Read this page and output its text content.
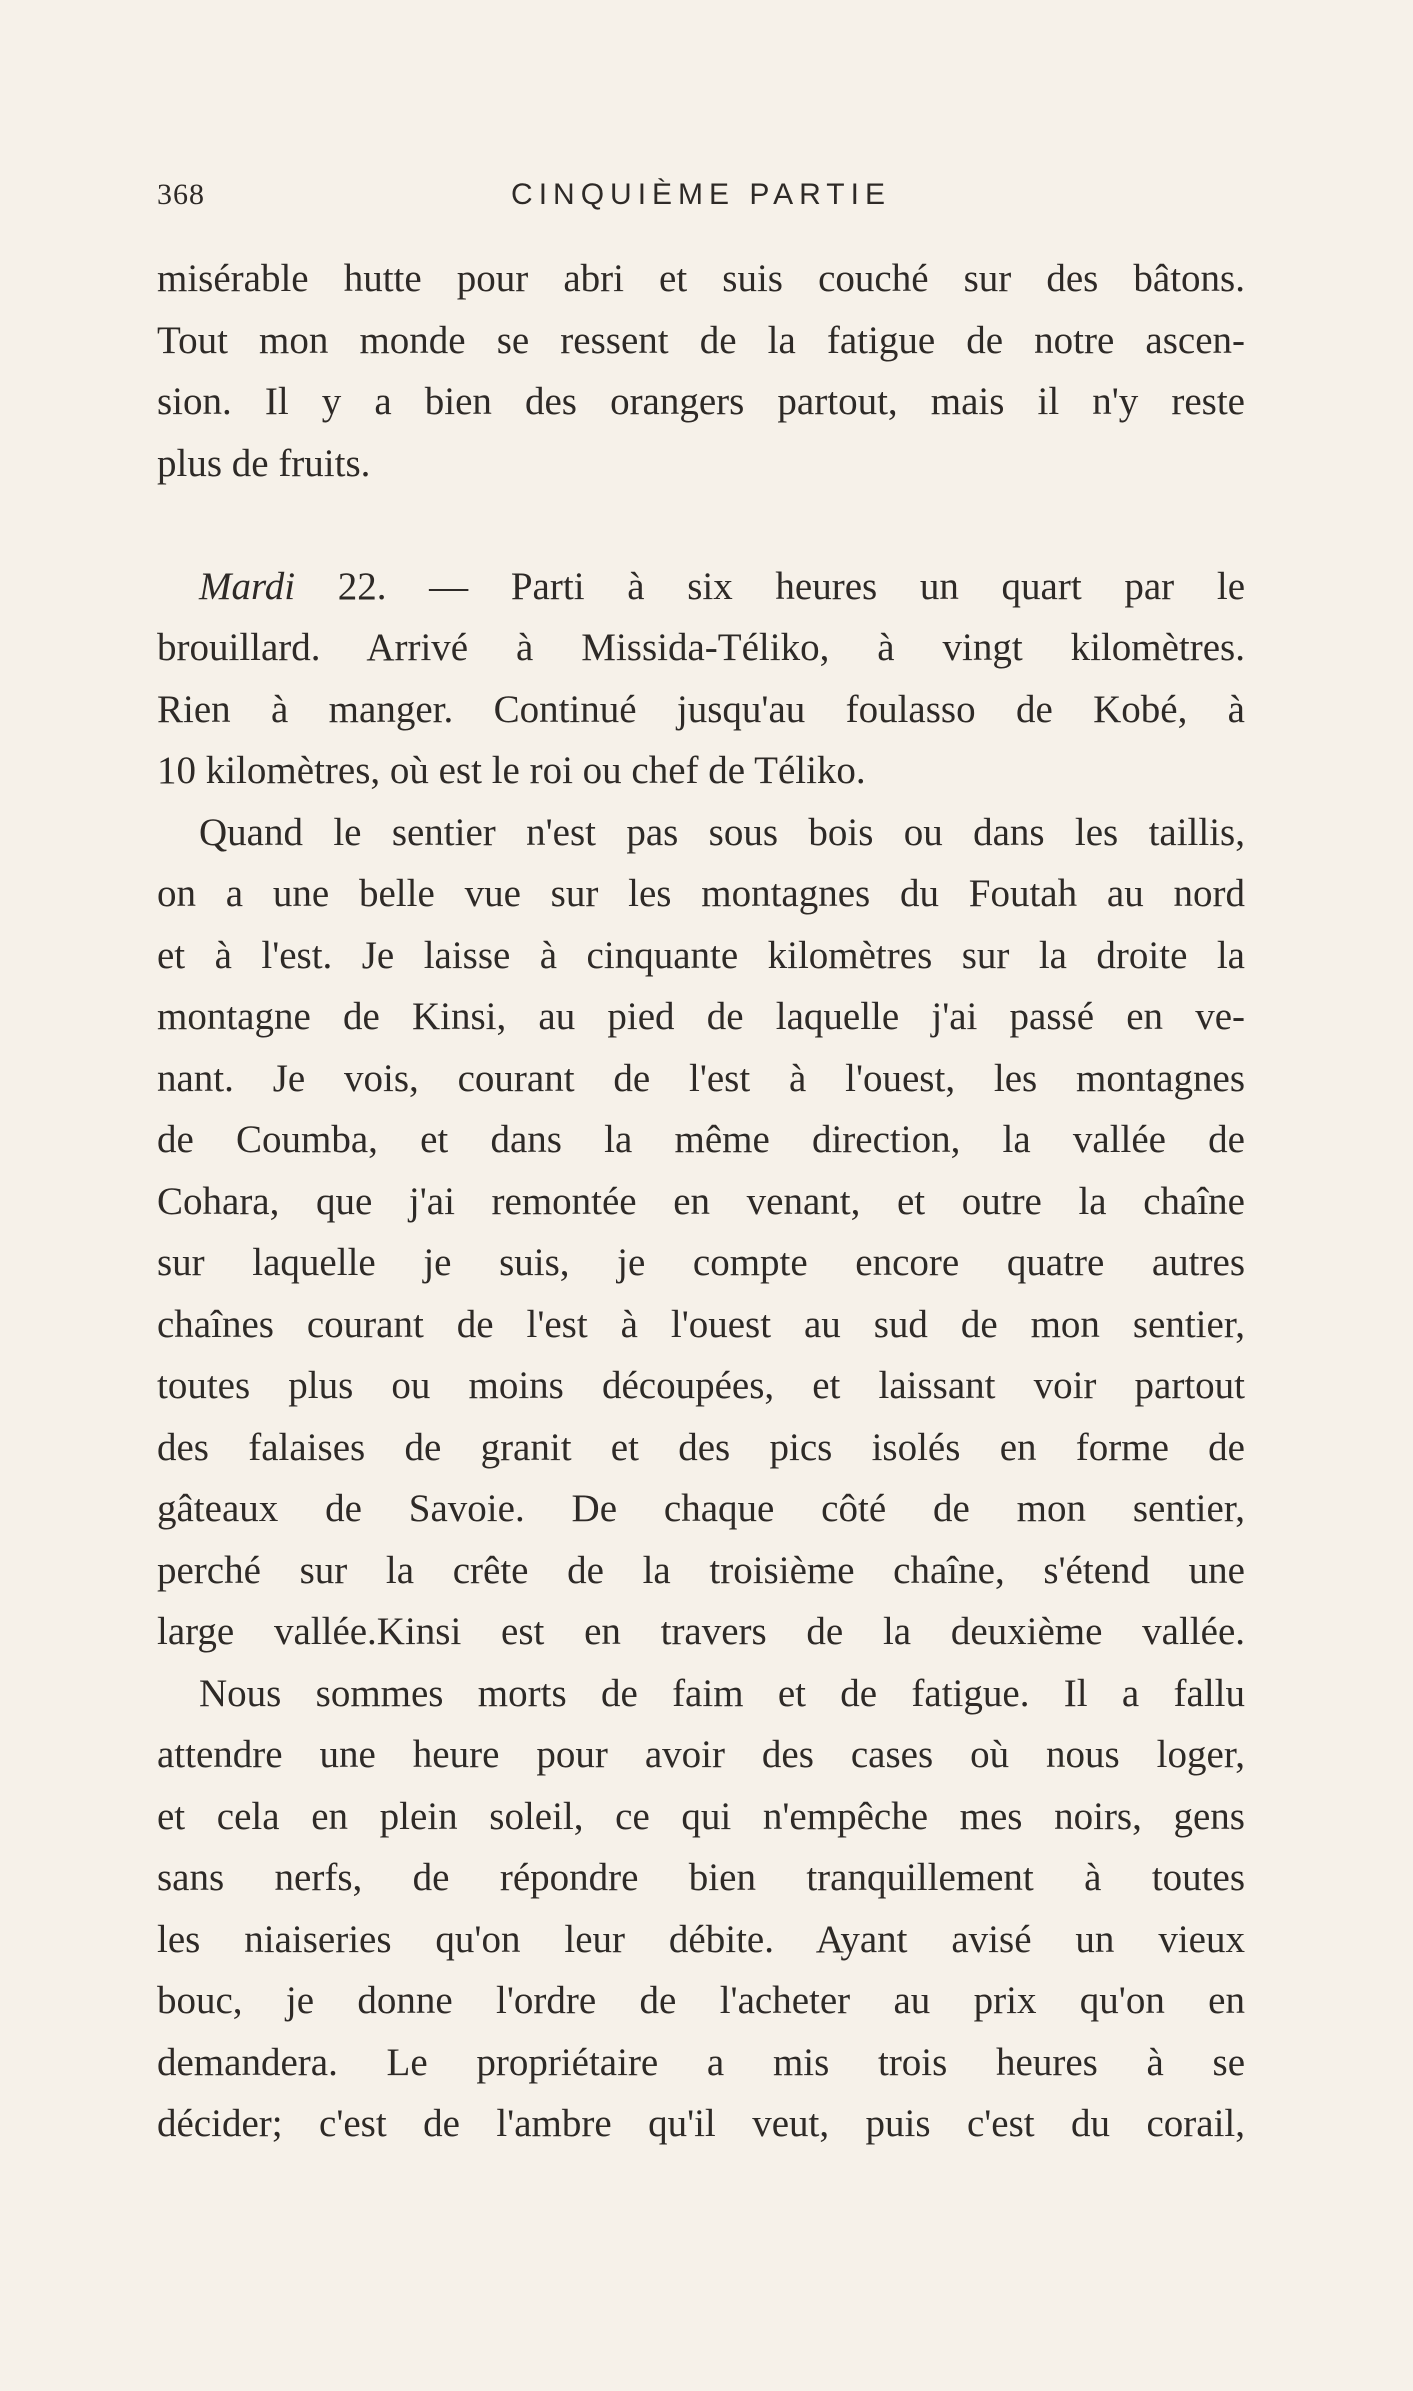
368	CINQUIÈME PARTIE
misérable hutte pour abri et suis couché sur des bâtons.
Tout mon monde se ressent de la fatigue de notre ascen-
sion. Il y a bien des orangers partout, mais il n'y reste
plus de fruits.
Mardi 22. — Parti à six heures un quart par le
brouillard. Arrivé à Missida-Téliko, à vingt kilomètres.
Rien à manger. Continué jusqu'au foulasso de Kobé, à
10 kilomètres, où est le roi ou chef de Téliko.
Quand le sentier n'est pas sous bois ou dans les taillis,
on a une belle vue sur les montagnes du Foutah au nord
et à l'est. Je laisse à cinquante kilomètres sur la droite la
montagne de Kinsi, au pied de laquelle j'ai passé en ve-
nant. Je vois, courant de l'est à l'ouest, les montagnes
de Coumba, et dans la même direction, la vallée de
Cohara, que j'ai remontée en venant, et outre la chaîne
sur laquelle je suis, je compte encore quatre autres
chaînes courant de l'est à l'ouest au sud de mon sentier,
toutes plus ou moins découpées, et laissant voir partout
des falaises de granit et des pics isolés en forme de
gâteaux de Savoie. De chaque côté de mon sentier,
perché sur la crête de la troisième chaîne, s'étend une
large vallée.Kinsi est en travers de la deuxième vallée.
Nous sommes morts de faim et de fatigue. Il a fallu
attendre une heure pour avoir des cases où nous loger,
et cela en plein soleil, ce qui n'empêche mes noirs, gens
sans nerfs, de répondre bien tranquillement à toutes
les niaiseries qu'on leur débite. Ayant avisé un vieux
bouc, je donne l'ordre de l'acheter au prix qu'on en
demandera. Le propriétaire a mis trois heures à se
décider; c'est de l'ambre qu'il veut, puis c'est du corail,
